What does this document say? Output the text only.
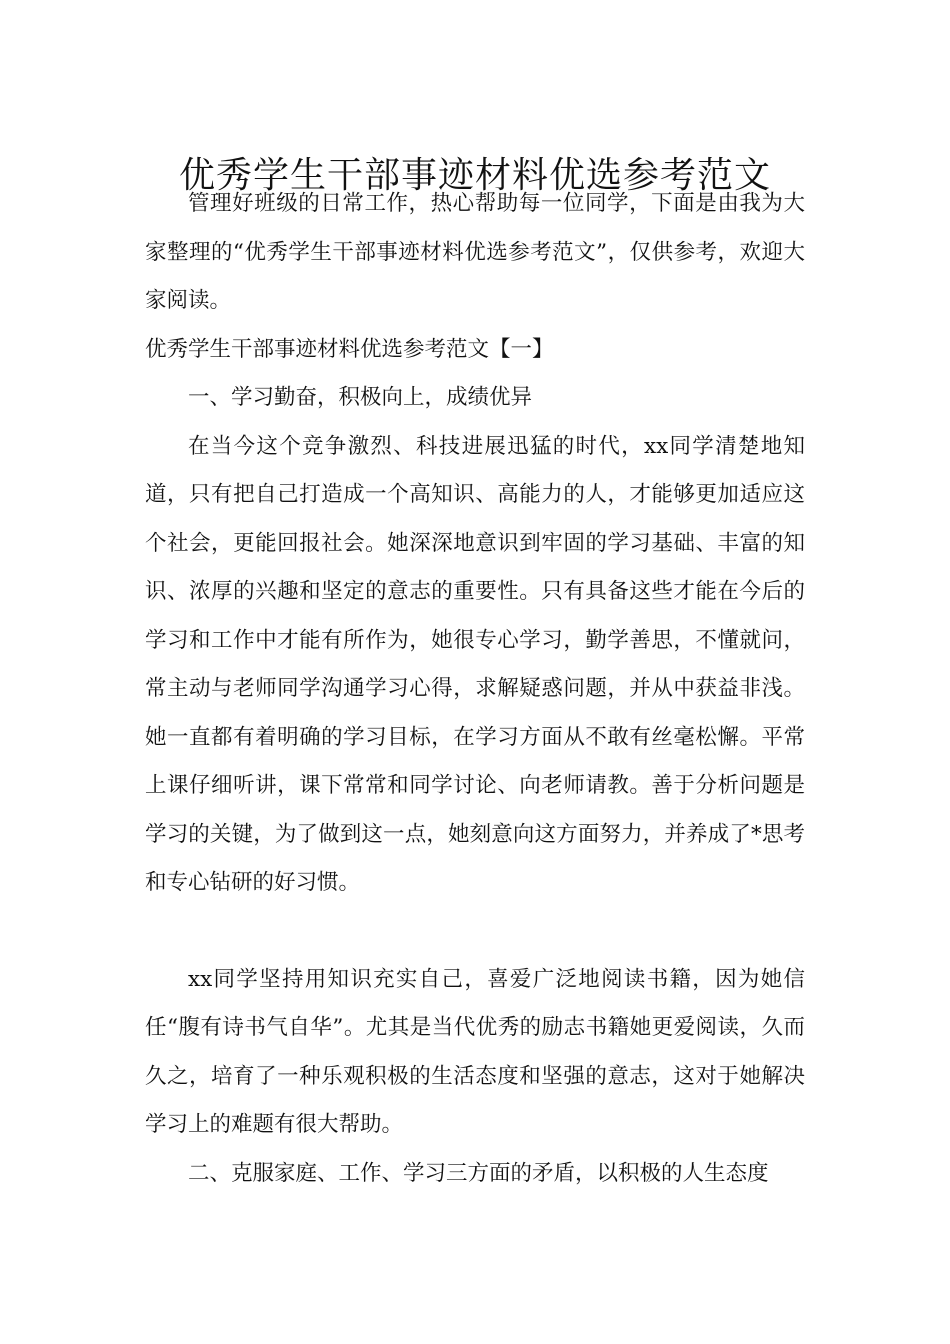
优秀学生干部事迹材料优选参考范文

管理好班级的日常工作，热心帮助每一位同学，下面是由我为大家整理的“优秀学生干部事迹材料优选参考范文”，仅供参考，欢迎大家阅读。

优秀学生干部事迹材料优选参考范文【一】

一、学习勤奋，积极向上，成绩优异

在当今这个竞争激烈、科技进展迅猛的时代，xx同学清楚地知道，只有把自己打造成一个高知识、高能力的人，才能够更加适应这个社会，更能回报社会。她深深地意识到牢固的学习基础、丰富的知识、浓厚的兴趣和坚定的意志的重要性。只有具备这些才能在今后的学习和工作中才能有所作为，她很专心学习，勤学善思，不懂就问，常主动与老师同学沟通学习心得，求解疑惑问题，并从中获益非浅。她一直都有着明确的学习目标，在学习方面从不敢有丝毫松懈。平常上课仔细听讲，课下常常和同学讨论、向老师请教。善于分析问题是学习的关键，为了做到这一点，她刻意向这方面努力，并养成了*思考和专心钻研的好习惯。

xx同学坚持用知识充实自己，喜爱广泛地阅读书籍，因为她信任“腹有诗书气自华”。尤其是当代优秀的励志书籍她更爱阅读，久而久之，培育了一种乐观积极的生活态度和坚强的意志，这对于她解决学习上的难题有很大帮助。

二、克服家庭、工作、学习三方面的矛盾，以积极的人生态度
